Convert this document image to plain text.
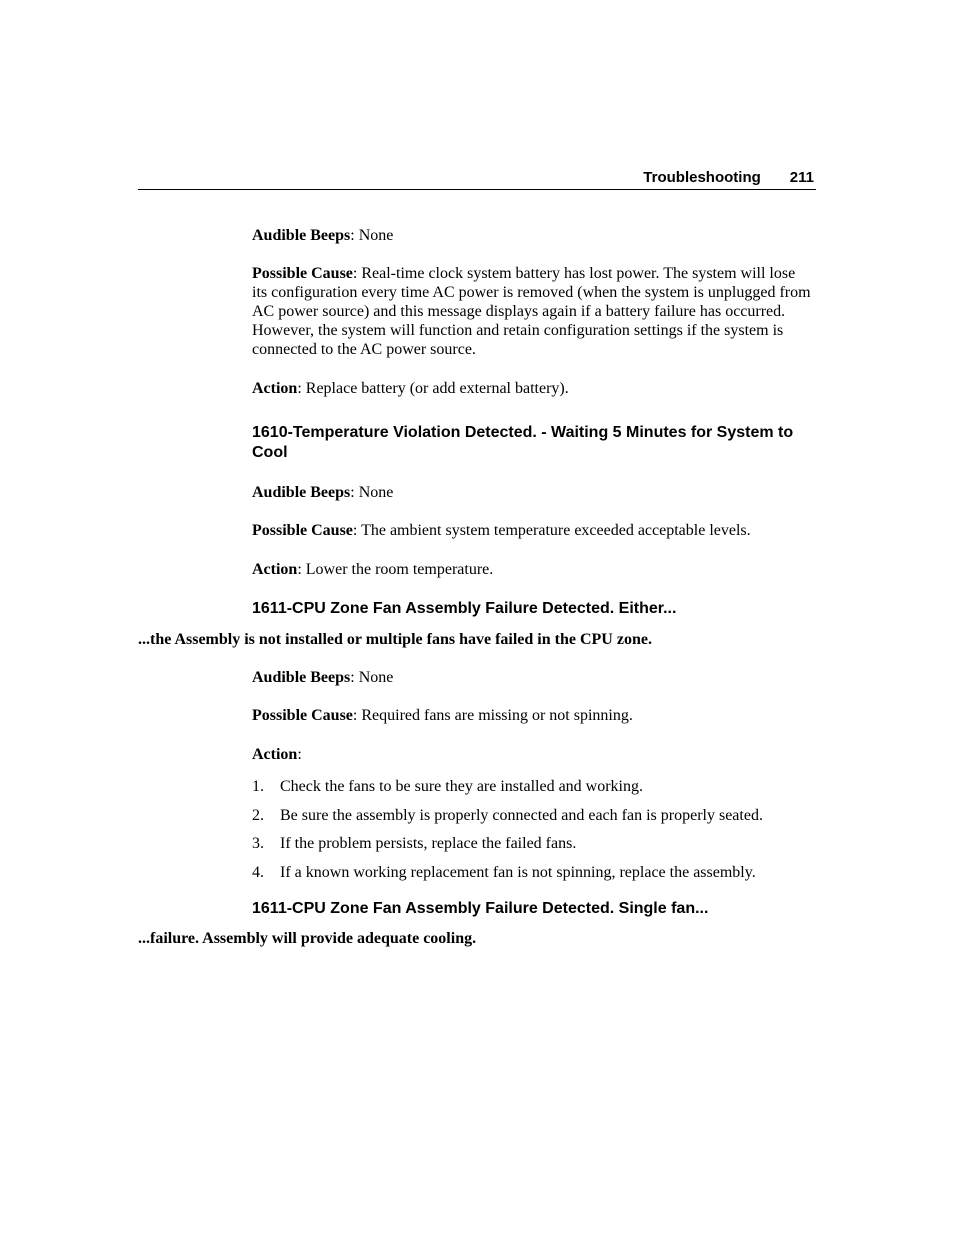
Troubleshooting 211

Audible Beeps: None

Possible Cause: Real-time clock system battery has lost power. The system will lose its configuration every time AC power is removed (when the system is unplugged from AC power source) and this message displays again if a battery failure has occurred. However, the system will function and retain configuration settings if the system is connected to the AC power source.

Action: Replace battery (or add external battery).

1610-Temperature Violation Detected. - Waiting 5 Minutes for System to Cool

Audible Beeps: None

Possible Cause: The ambient system temperature exceeded acceptable levels.

Action: Lower the room temperature.

1611-CPU Zone Fan Assembly Failure Detected. Either...

...the Assembly is not installed or multiple fans have failed in the CPU zone.

Audible Beeps: None

Possible Cause: Required fans are missing or not spinning.

Action:

1. Check the fans to be sure they are installed and working.
2. Be sure the assembly is properly connected and each fan is properly seated.
3. If the problem persists, replace the failed fans.
4. If a known working replacement fan is not spinning, replace the assembly.
1611-CPU Zone Fan Assembly Failure Detected. Single fan...

...failure. Assembly will provide adequate cooling.
